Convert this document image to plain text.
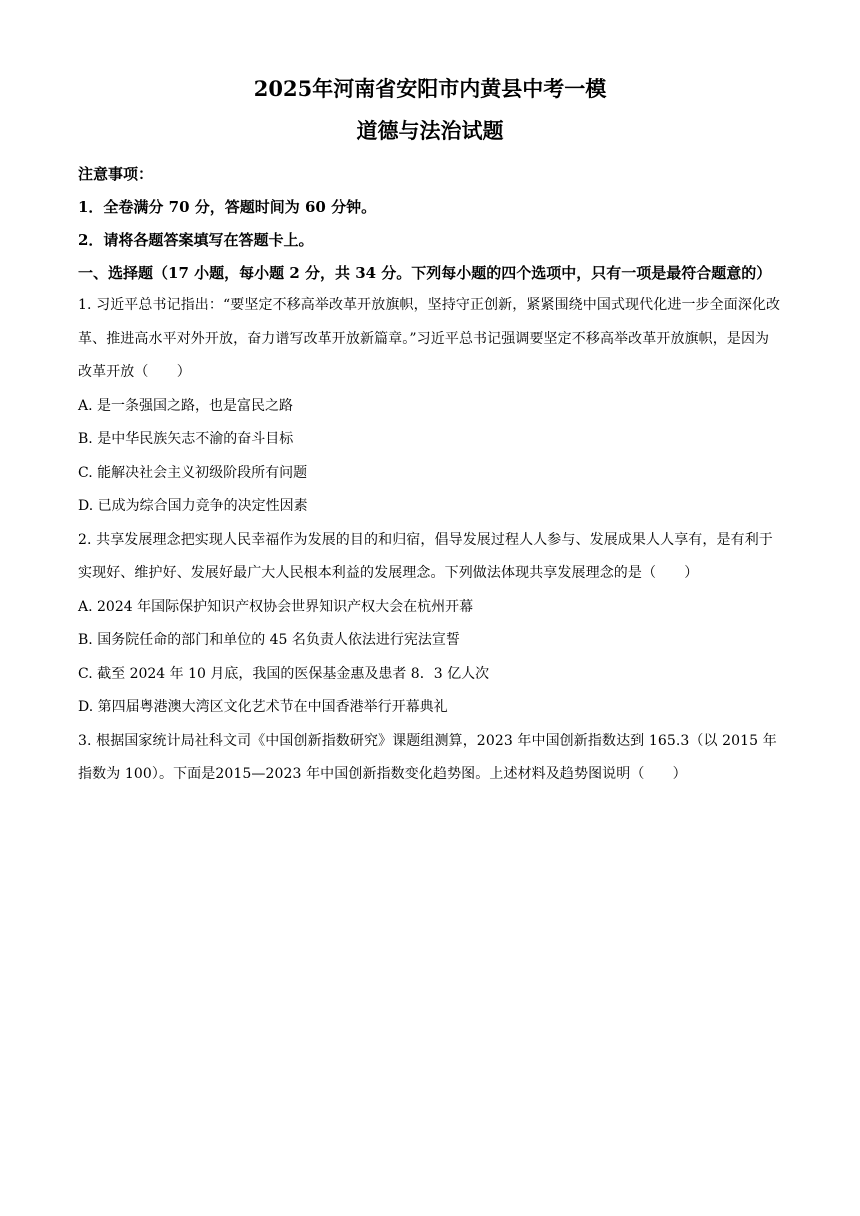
2025年河南省安阳市内黄县中考一模
道德与法治试题

注意事项：

1．全卷满分 70 分，答题时间为 60 分钟。

2．请将各题答案填写在答题卡上。

一、选择题（17 小题，每小题 2 分，共 34 分。下列每小题的四个选项中，只有一项是最符合题意的）

1. 习近平总书记指出：“要坚定不移高举改革开放旗帜，坚持守正创新，紧紧围绕中国式现代化进一步全面深化改革、推进高水平对外开放，奋力谱写改革开放新篇章。”习近平总书记强调要坚定不移高举改革开放旗帜，是因为改革开放（　　）

A. 是一条强国之路，也是富民之路

B. 是中华民族矢志不渝的奋斗目标

C. 能解决社会主义初级阶段所有问题

D. 已成为综合国力竞争的决定性因素

2. 共享发展理念把实现人民幸福作为发展的目的和归宿，倡导发展过程人人参与、发展成果人人享有，是有利于实现好、维护好、发展好最广大人民根本利益的发展理念。下列做法体现共享发展理念的是（　　）

A. 2024 年国际保护知识产权协会世界知识产权大会在杭州开幕

B. 国务院任命的部门和单位的 45 名负责人依法进行宪法宣誓

C. 截至 2024 年 10 月底，我国的医保基金惠及患者 8．3 亿人次

D. 第四届粤港澳大湾区文化艺术节在中国香港举行开幕典礼

3. 根据国家统计局社科文司《中国创新指数研究》课题组测算，2023 年中国创新指数达到 165.3（以 2015 年指数为 100）。下面是2015—2023 年中国创新指数变化趋势图。上述材料及趋势图说明（　　）
